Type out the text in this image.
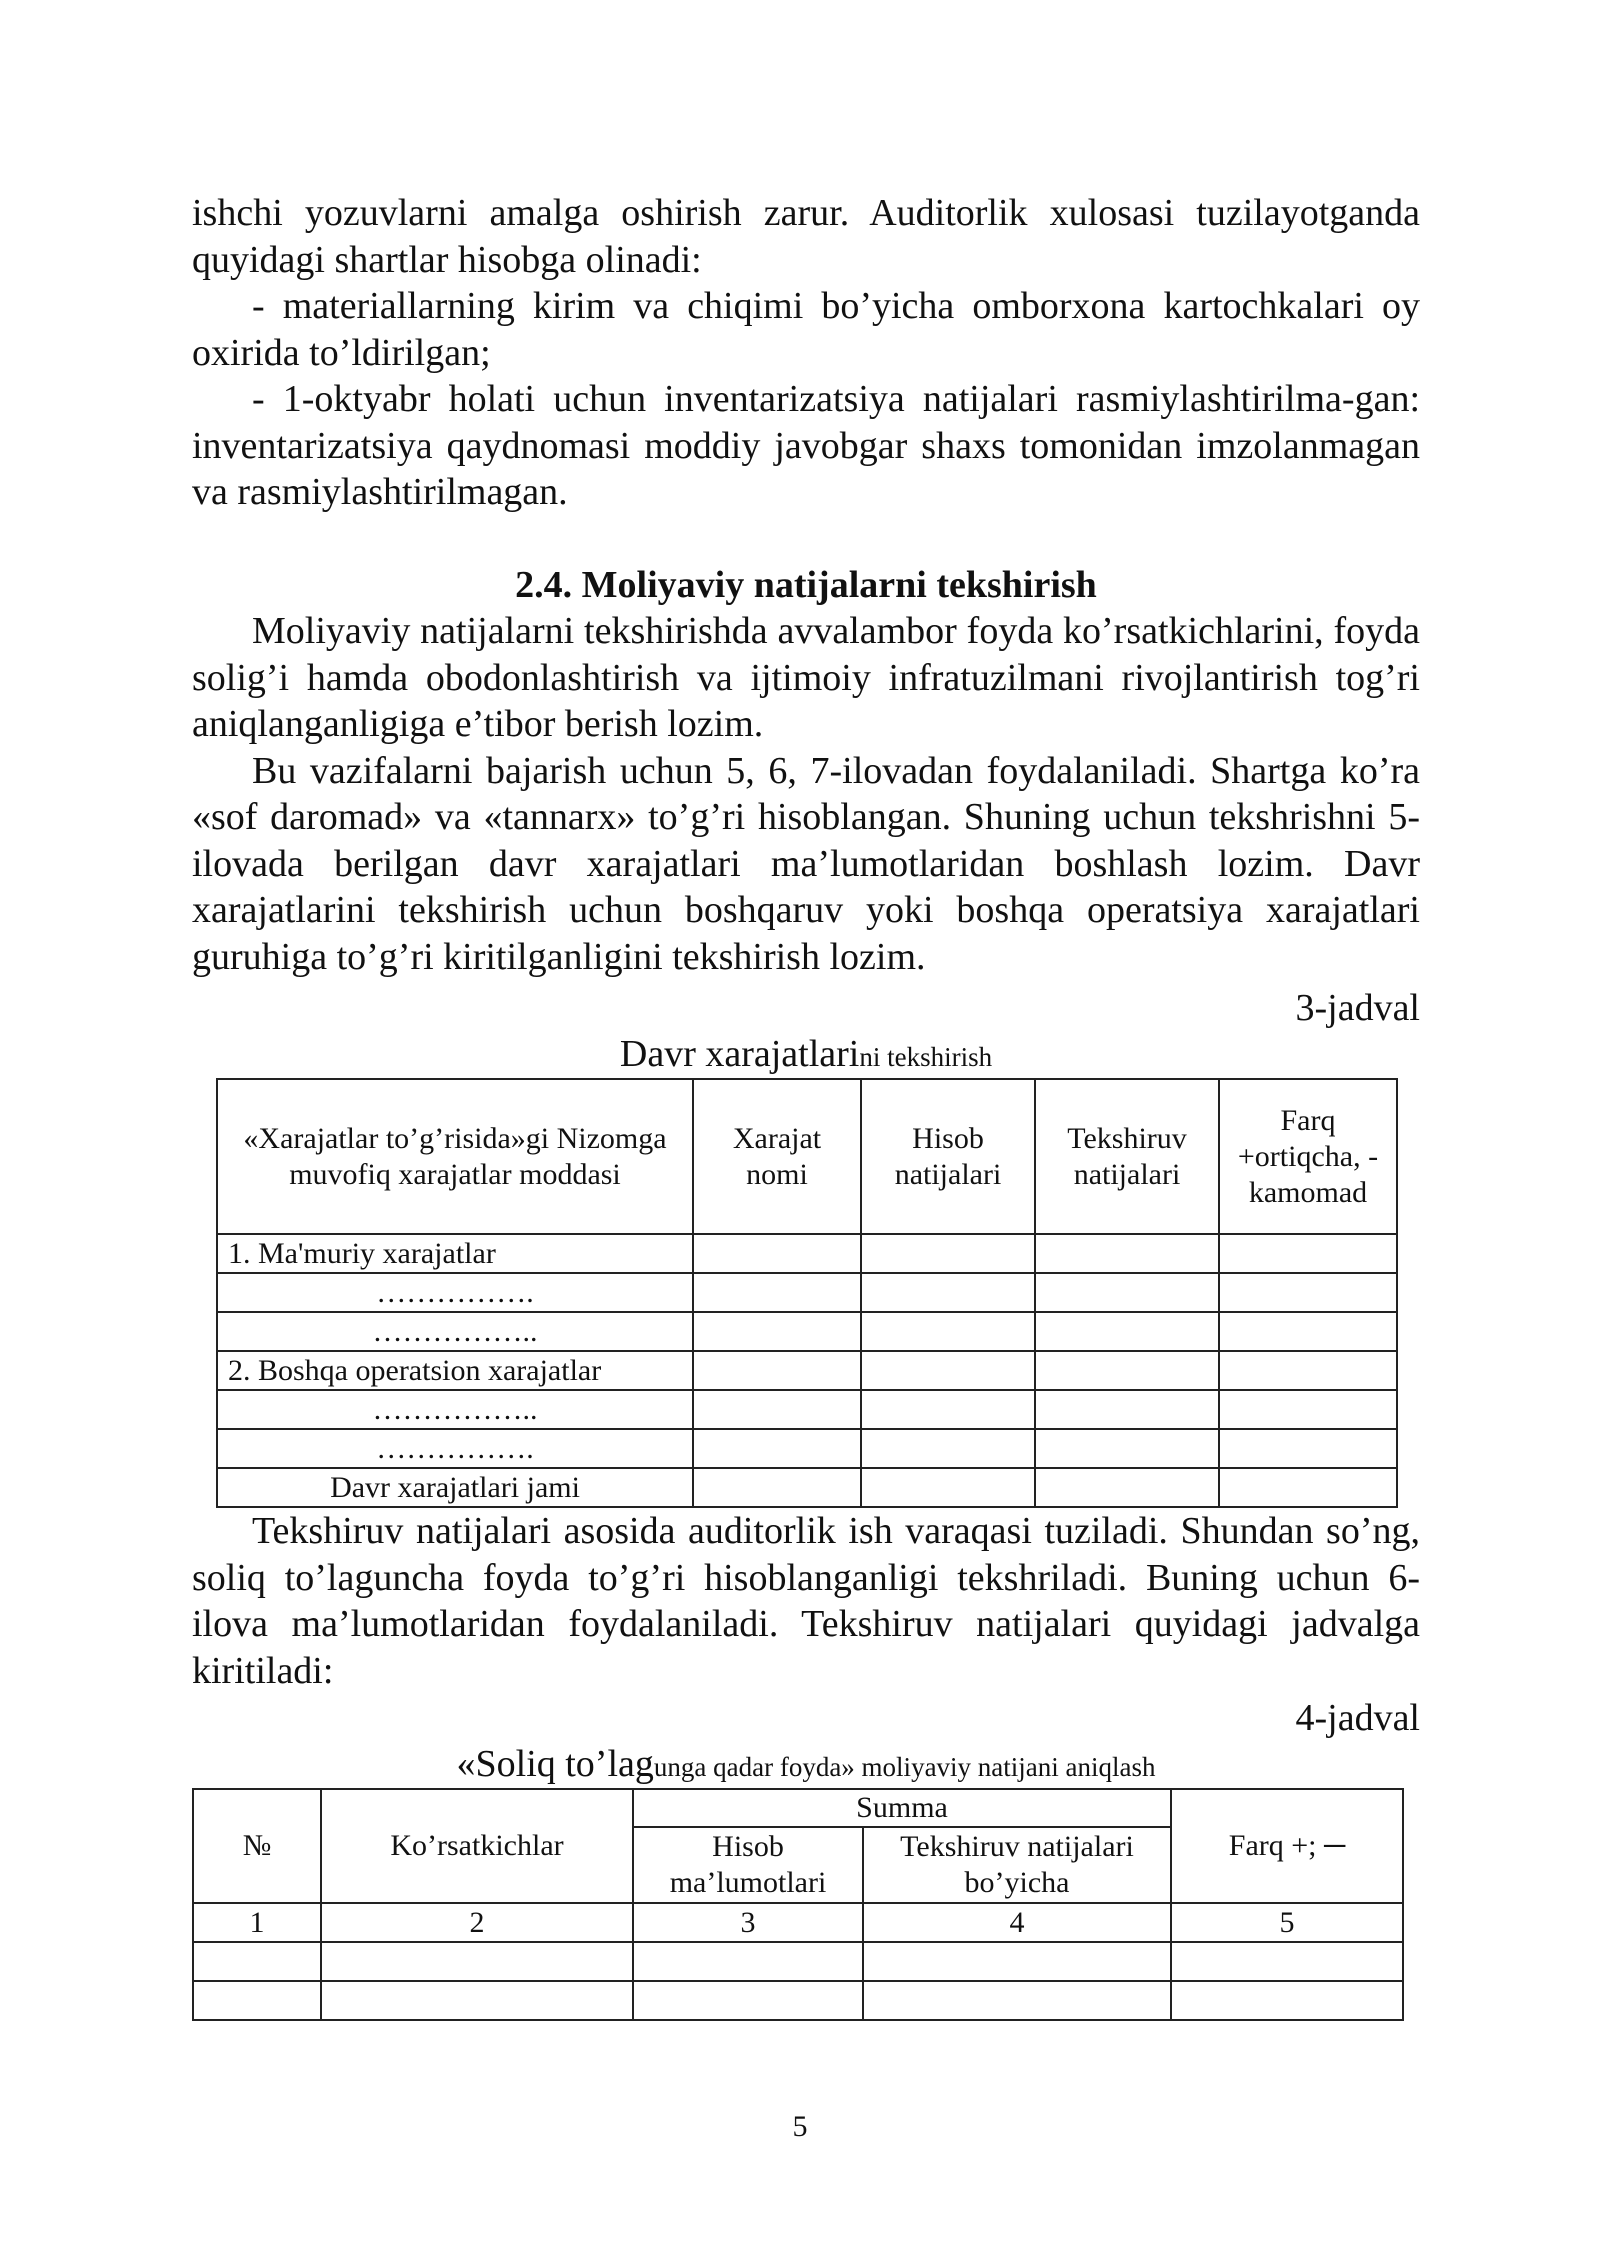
ishchi yozuvlarni amalga oshirish zarur. Auditorlik xulosasi tuzilayotganda quyidagi shartlar hisobga olinadi:

- materiallarning kirim va chiqimi bo’yicha omborxona kartochkalari oy oxirida to’ldirilgan;

- 1-oktyabr holati uchun inventarizatsiya natijalari rasmiylashtirilma-gan: inventarizatsiya qaydnomasi moddiy javobgar shaxs tomonidan imzolanmagan va rasmiylashtirilmagan.

2.4. Moliyaviy natijalarni tekshirish

Moliyaviy natijalarni tekshirishda avvalambor foyda ko’rsatkichlarini, foyda solig’i hamda obodonlashtirish va ijtimoiy infratuzilmani rivojlantirish tog’ri aniqlanganligiga e’tibor berish lozim.

Bu vazifalarni bajarish uchun 5, 6, 7-ilovadan foydalaniladi. Shartga ko’ra «sof daromad» va «tannarx» to’g’ri hisoblangan. Shuning uchun tekshrishni 5-ilovada berilgan davr xarajatlari ma’lumotlaridan boshlash lozim. Davr xarajatlarini tekshirish uchun boshqaruv yoki boshqa operatsiya xarajatlari guruhiga to’g’ri kiritilganligini tekshirish lozim.

3-jadval
Davr xarajatlarini tekshirish
«Xarajatlar to’g’risida»gi Nizomga muvofiq xarajatlar moddasi	Xarajat nomi	Hisob natijalari	Tekshiruv natijalari	Farq +ortiqcha, -kamomad
1. Ma'muriy xarajatlar				
…………….				
……………..				
2. Boshqa operatsion xarajatlar				
……………..				
…………….				
Davr xarajatlari jami				

Tekshiruv natijalari asosida auditorlik ish varaqasi tuziladi. Shundan so’ng, soliq to’laguncha foyda to’g’ri hisoblanganligi tekshriladi. Buning uchun 6-ilova ma’lumotlaridan foydalaniladi. Tekshiruv natijalari quyidagi jadvalga kiritiladi:

4-jadval
«Soliq to’lagunga qadar foyda» moliyaviy natijani aniqlash
№	Ko’rsatkichlar	Summa		Farq +; ─
		Hisob ma’lumotlari	Tekshiruv natijalari bo’yicha	
1	2	3	4	5

5
